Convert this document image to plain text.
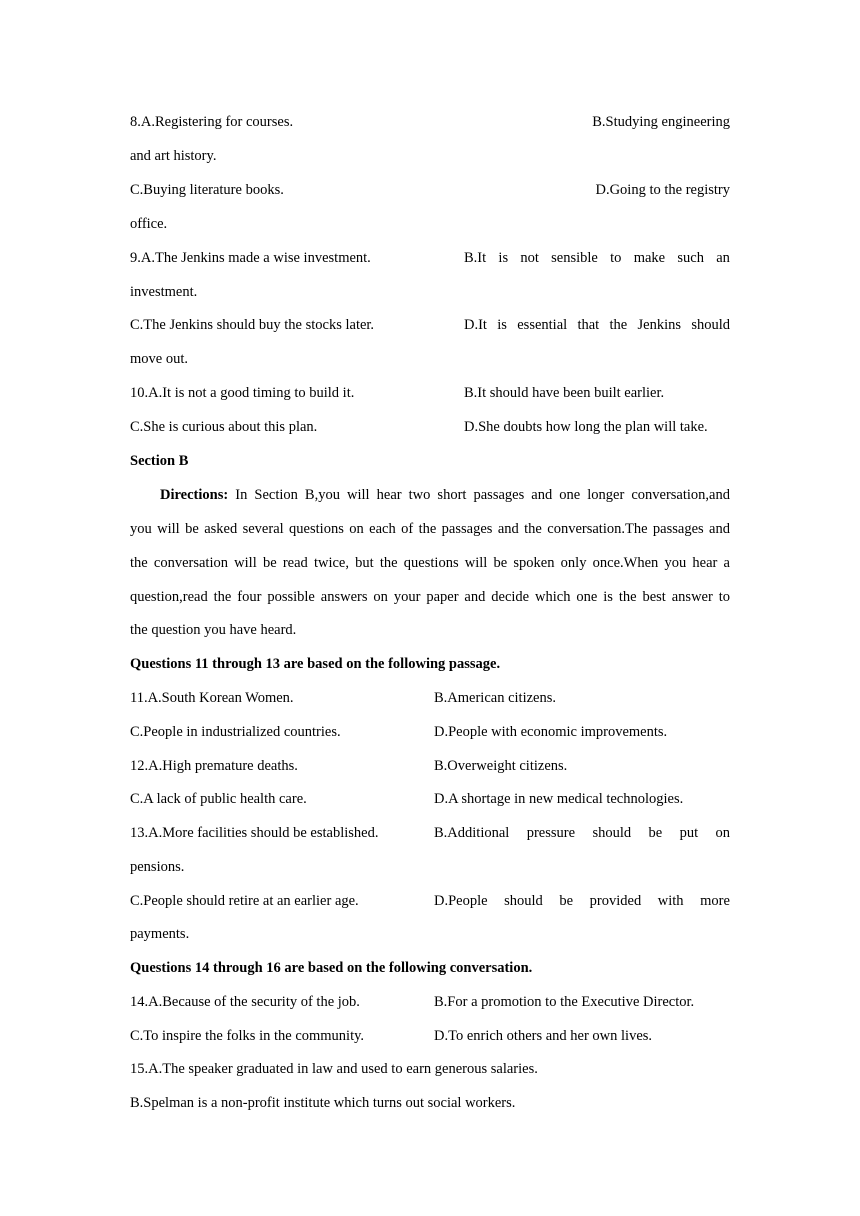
8.A.Registering for courses.	B.Studying engineering
and art history.
C.Buying literature books.	D.Going to the registry
office.
9.A.The Jenkins made a wise investment.	B.It is not sensible to make such an
investment.
C.The Jenkins should buy the stocks later.	D.It is essential that the Jenkins should
move out.
10.A.It is not a good timing to build it.	B.It should have been built earlier.
C.She is curious about this plan.	D.She doubts how long the plan will take.
Section B
Directions: In Section B,you will hear two short passages and one longer conversation,and
you will be asked several questions on each of the passages and the conversation.The passages and
the conversation will be read twice, but the questions will be spoken only once.When you hear a
question,read the four possible answers on your paper and decide which one is the best answer to
the question you have heard.
Questions 11 through 13 are based on the following passage.
11.A.South Korean Women.	B.American citizens.
C.People in industrialized countries.	D.People with economic improvements.
12.A.High premature deaths.	B.Overweight citizens.
C.A lack of public health care.	D.A shortage in new medical technologies.
13.A.More facilities should be established.	B.Additional pressure should be put on
pensions.
C.People should retire at an earlier age.	D.People should be provided with more
payments.
Questions 14 through 16 are based on the following conversation.
14.A.Because of the security of the job.	B.For a promotion to the Executive Director.
C.To inspire the folks in the community.	D.To enrich others and her own lives.
15.A.The speaker graduated in law and used to earn generous salaries.
B.Spelman is a non-profit institute which turns out social workers.
